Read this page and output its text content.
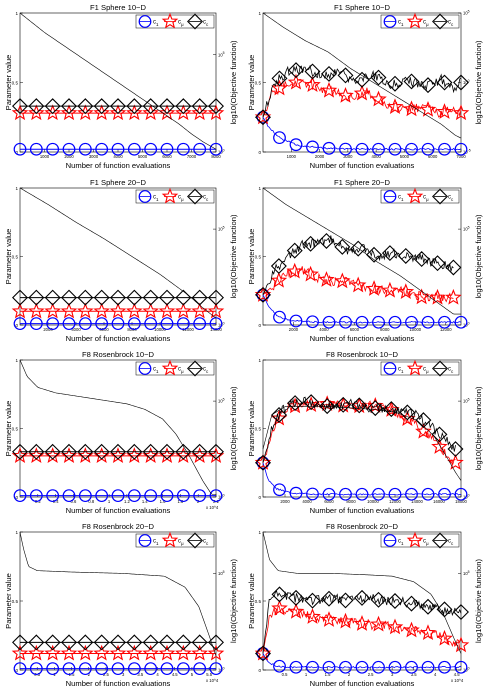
F1 Sphere 10−D
Number of function evaluations
Parameter value	log10(Objective function)
0
0.5
1
$10^0$
$10^5$
1000	2000	3000	4000	5000	6000	7000	8000
$c_1$	$c_\mu$	$c_c$
F1 Sphere 10−D
Number of function evaluations
Parameter value	log10(Objective function)
0
0.5
1
$10^{-5}$
$10^0$
$10^5$
1000	2000	3000	4000	5000	6000	7000
$c_1$	$c_\mu$	$c_c$
F1 Sphere 20−D
Number of function evaluations
Parameter value	log10(Objective function)
0
0.5
1
$10^0$
$10^5$
2000	4000	6000	8000	10000	12000	14000
$c_1$	$c_\mu$	$c_c$
F1 Sphere 20−D
Number of function evaluations
Parameter value	log10(Objective function)
0
0.5
1
$10^0$
$10^5$
2000	4000	6000	8000	10000	12000
$c_1$	$c_\mu$	$c_c$
F8 Rosenbrock 10−D
Number of function evaluations
Parameter value	log10(Objective function)
0
0.5
1
$10^0$
$10^5$
0.2	0.4	0.6	0.8	1	1.2	1.4	1.6	1.8	2	2.2
x 10^4
$c_1$	$c_\mu$	$c_c$
F8 Rosenbrock 10−D
Number of function evaluations
Parameter value	log10(Objective function)
0
0.5
1
$10^0$
$10^5$
2000	4000	6000	8000	10000 12000 14000 16000 18000
$c_1$	$c_\mu$	$c_c$
F8 Rosenbrock 20−D
Number of function evaluations
Parameter value	log10(Objective function)
0
0.5
1
$10^0$
$10^5$
0.5	1	1.5	2	2.5	3	3.5	4	4.5	5	5.5
x 10^4
$c_1$	$c_\mu$	$c_c$
F8 Rosenbrock 20−D
Number of function evaluations
Parameter value	log10(Objective function)
0
0.5
1
$10^0$
$10^5$
0.5	1	1.5	2	2.5	3	3.5	4	4.5
x 10^4
$c_1$	$c_\mu$	$c_c$
